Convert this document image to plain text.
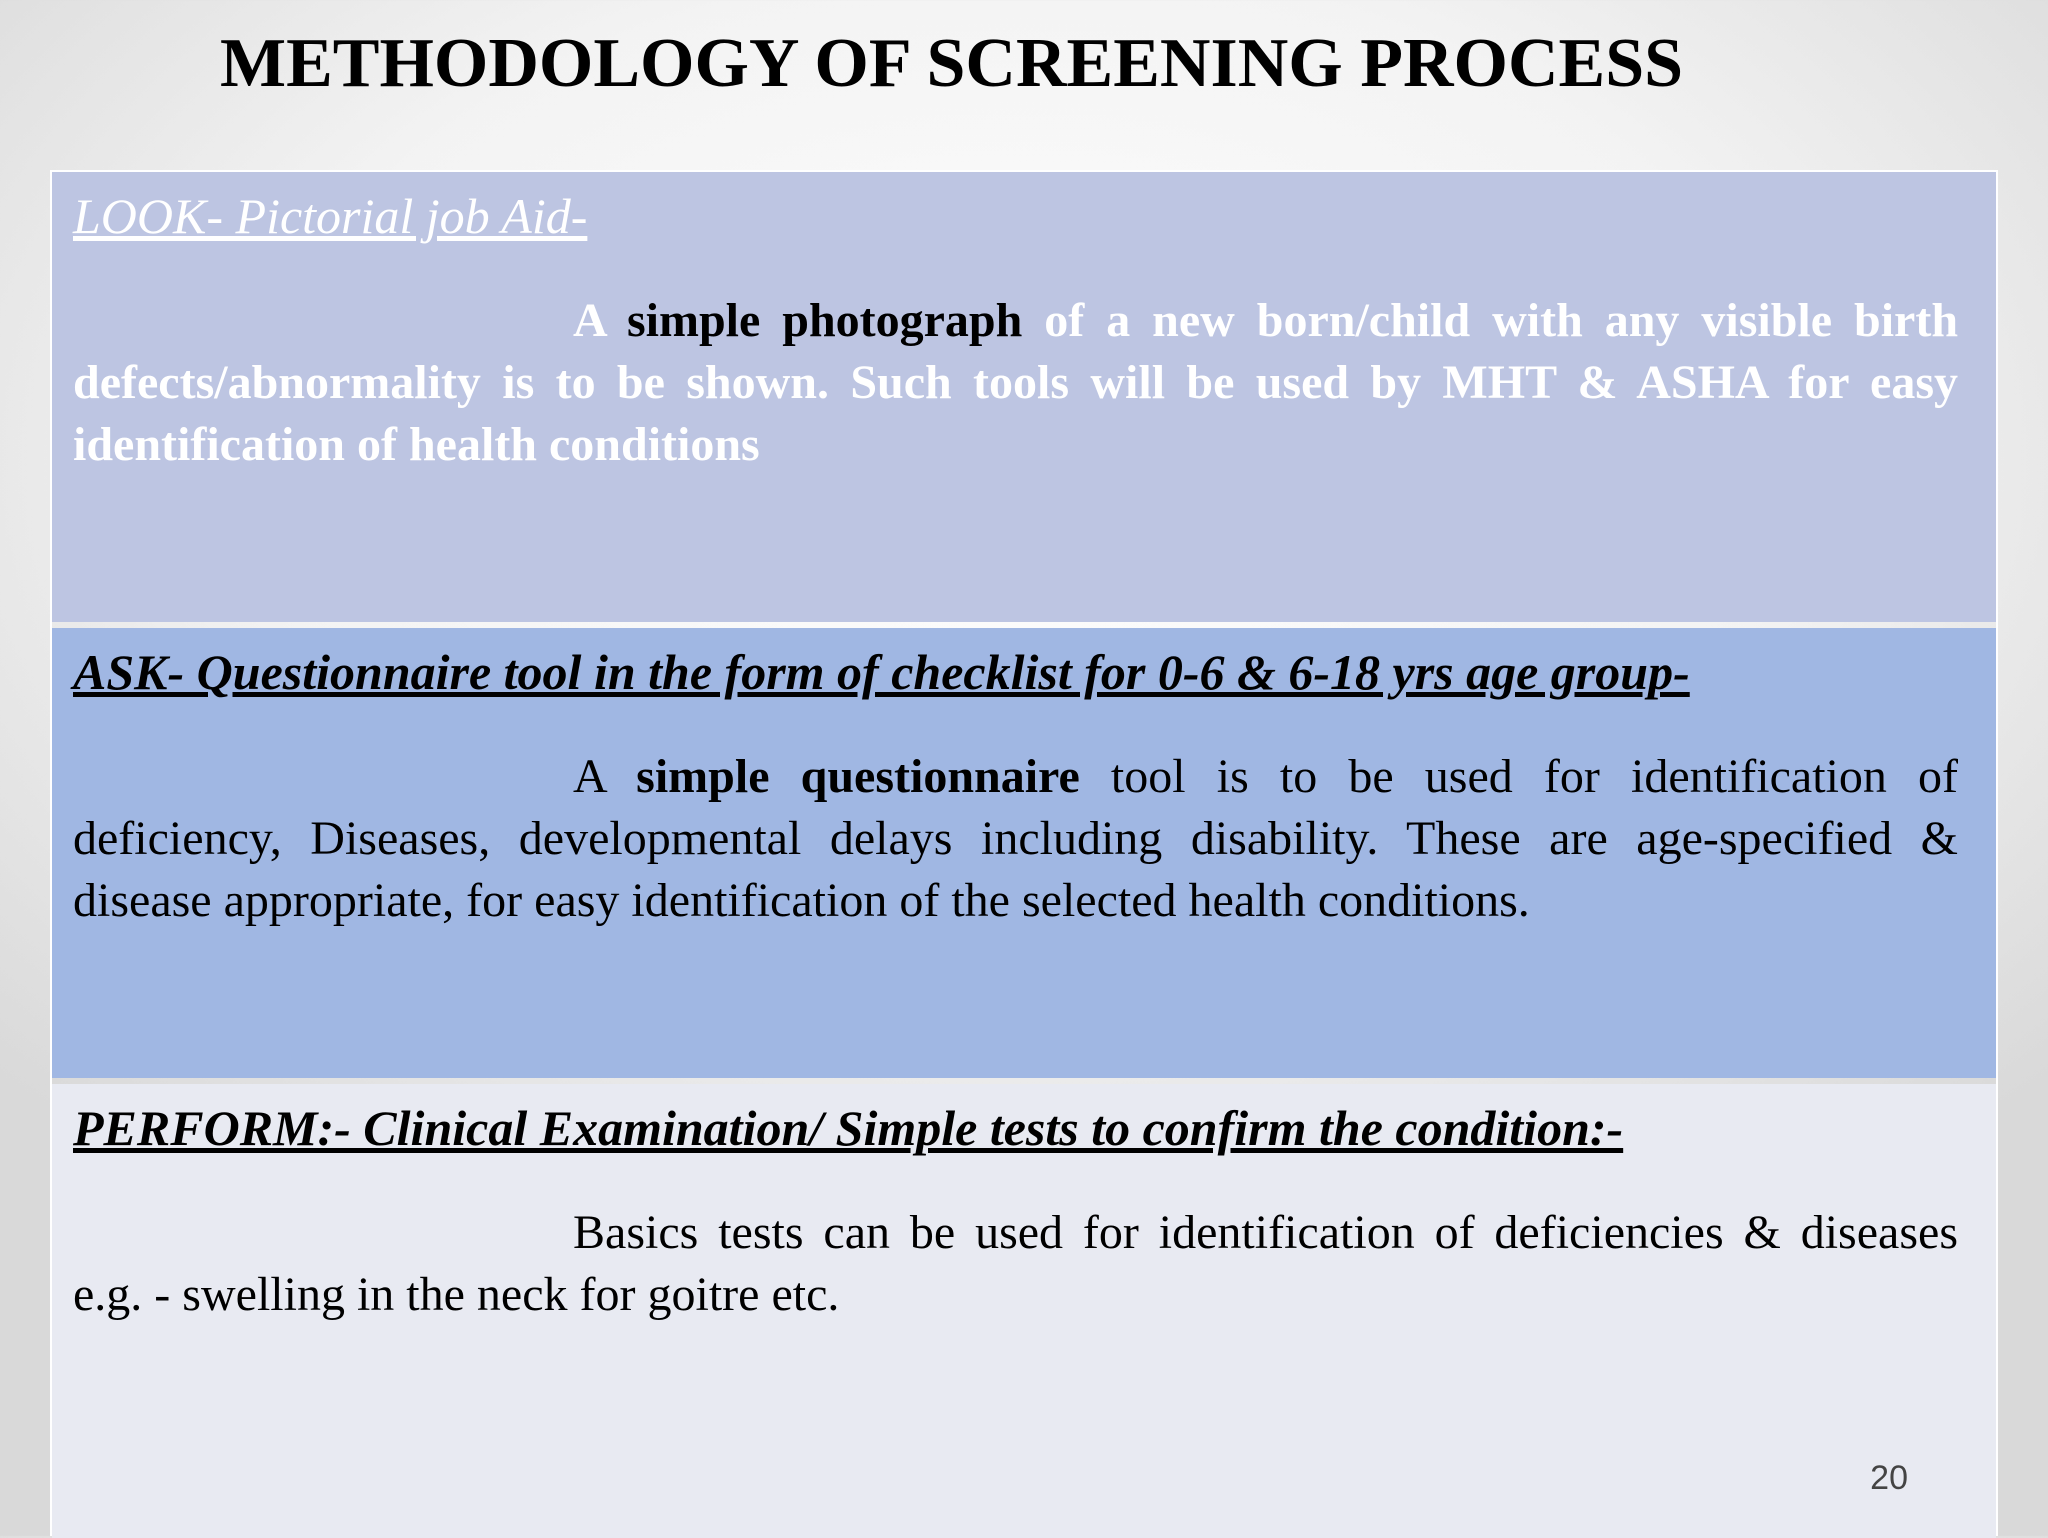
METHODOLOGY OF SCREENING PROCESS
LOOK- Pictorial job Aid-
A simple photograph of a new born/child with any visible birth defects/abnormality is to be shown. Such tools will be used by MHT & ASHA for easy identification of health conditions
ASK- Questionnaire tool in the form of checklist for 0-6 & 6-18 yrs age group-
A simple questionnaire tool is to be used for identification of deficiency, Diseases, developmental delays including disability. These are age-specified & disease appropriate, for easy identification of the selected health conditions.
PERFORM:- Clinical Examination/ Simple tests to confirm the condition:-
Basics tests can be used for identification of deficiencies & diseases e.g. - swelling in the neck for goitre etc.
20
